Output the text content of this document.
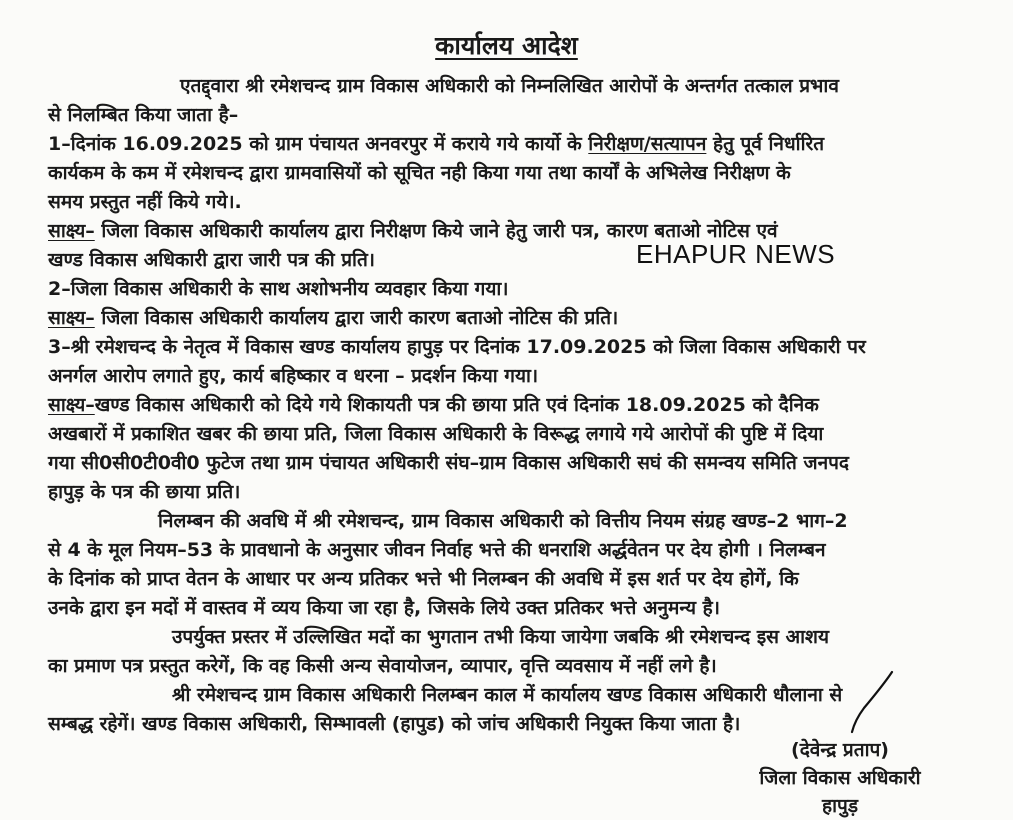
कार्यालय आदेश
एतद्द्वारा श्री रमेशचन्द ग्राम विकास अधिकारी को निम्नलिखित आरोपों के अन्तर्गत तत्काल प्रभाव
से निलम्बित किया जाता है–
1–दिनांक 16.09.2025 को ग्राम पंचायत अनवरपुर में कराये गये कार्यो के निरीक्षण/सत्यापन हेतु पूर्व निर्धारित
कार्यकम के कम में रमेशचन्द द्वारा ग्रामवासियों को सूचित नही किया गया तथा कार्यों के अभिलेख निरीक्षण के
समय प्रस्तुत नहीं किये गये।.
साक्ष्य– जिला विकास अधिकारी कार्यालय द्वारा निरीक्षण किये जाने हेतु जारी पत्र, कारण बताओ नोटिस एवं
खण्ड विकास अधिकारी द्वारा जारी पत्र की प्रति।
2–जिला विकास अधिकारी के साथ अशोभनीय व्यवहार किया गया।
साक्ष्य– जिला विकास अधिकारी कार्यालय द्वारा जारी कारण बताओ नोटिस की प्रति।
3–श्री रमेशचन्द के नेतृत्व में विकास खण्ड कार्यालय हापुड़ पर दिनांक 17.09.2025 को जिला विकास अधिकारी पर
अनर्गल आरोप लगाते हुए, कार्य बहिष्कार व धरना – प्रदर्शन किया गया।
साक्ष्य–खण्ड विकास अधिकारी को दिये गये शिकायती पत्र की छाया प्रति एवं दिनांक 18.09.2025 को दैनिक
अखबारों में प्रकाशित खबर की छाया प्रति, जिला विकास अधिकारी के विरूद्ध लगाये गये आरोपों की पुष्टि में दिया
गया सी0सी0टी0वी0 फुटेज तथा ग्राम पंचायत अधिकारी संघ–ग्राम विकास अधिकारी सघं की समन्वय समिति जनपद
हापुड़ के पत्र की छाया प्रति।
निलम्बन की अवधि में श्री रमेशचन्द, ग्राम विकास अधिकारी को वित्तीय नियम संग्रह खण्ड–2 भाग–2
से 4 के मूल नियम–53 के प्रावधानो के अनुसार जीवन निर्वाह भत्ते की धनराशि अर्द्धवेतन पर देय होगी । निलम्बन
के दिनांक को प्राप्त वेतन के आधार पर अन्य प्रतिकर भत्ते भी निलम्बन की अवधि में इस शर्त पर देय होगें, कि
उनके द्वारा इन मदों में वास्तव में व्यय किया जा रहा है, जिसके लिये उक्त प्रतिकर भत्ते अनुमन्य है।
उपर्युक्त प्रस्तर में उल्लिखित मदों का भुगतान तभी किया जायेगा जबकि श्री रमेशचन्द इस आशय
का प्रमाण पत्र प्रस्तुत करेगें, कि वह किसी अन्य सेवायोजन, व्यापार, वृत्ति व्यवसाय में नहीं लगे है।
श्री रमेशचन्द ग्राम विकास अधिकारी निलम्बन काल में कार्यालय खण्ड विकास अधिकारी धौलाना से
सम्बद्ध रहेगें। खण्ड विकास अधिकारी, सिम्भावली (हापुड) को जांच अधिकारी नियुक्त किया जाता है।
EHAPUR NEWS
(देवेन्द्र प्रताप)
जिला विकास अधिकारी
हापुड़
